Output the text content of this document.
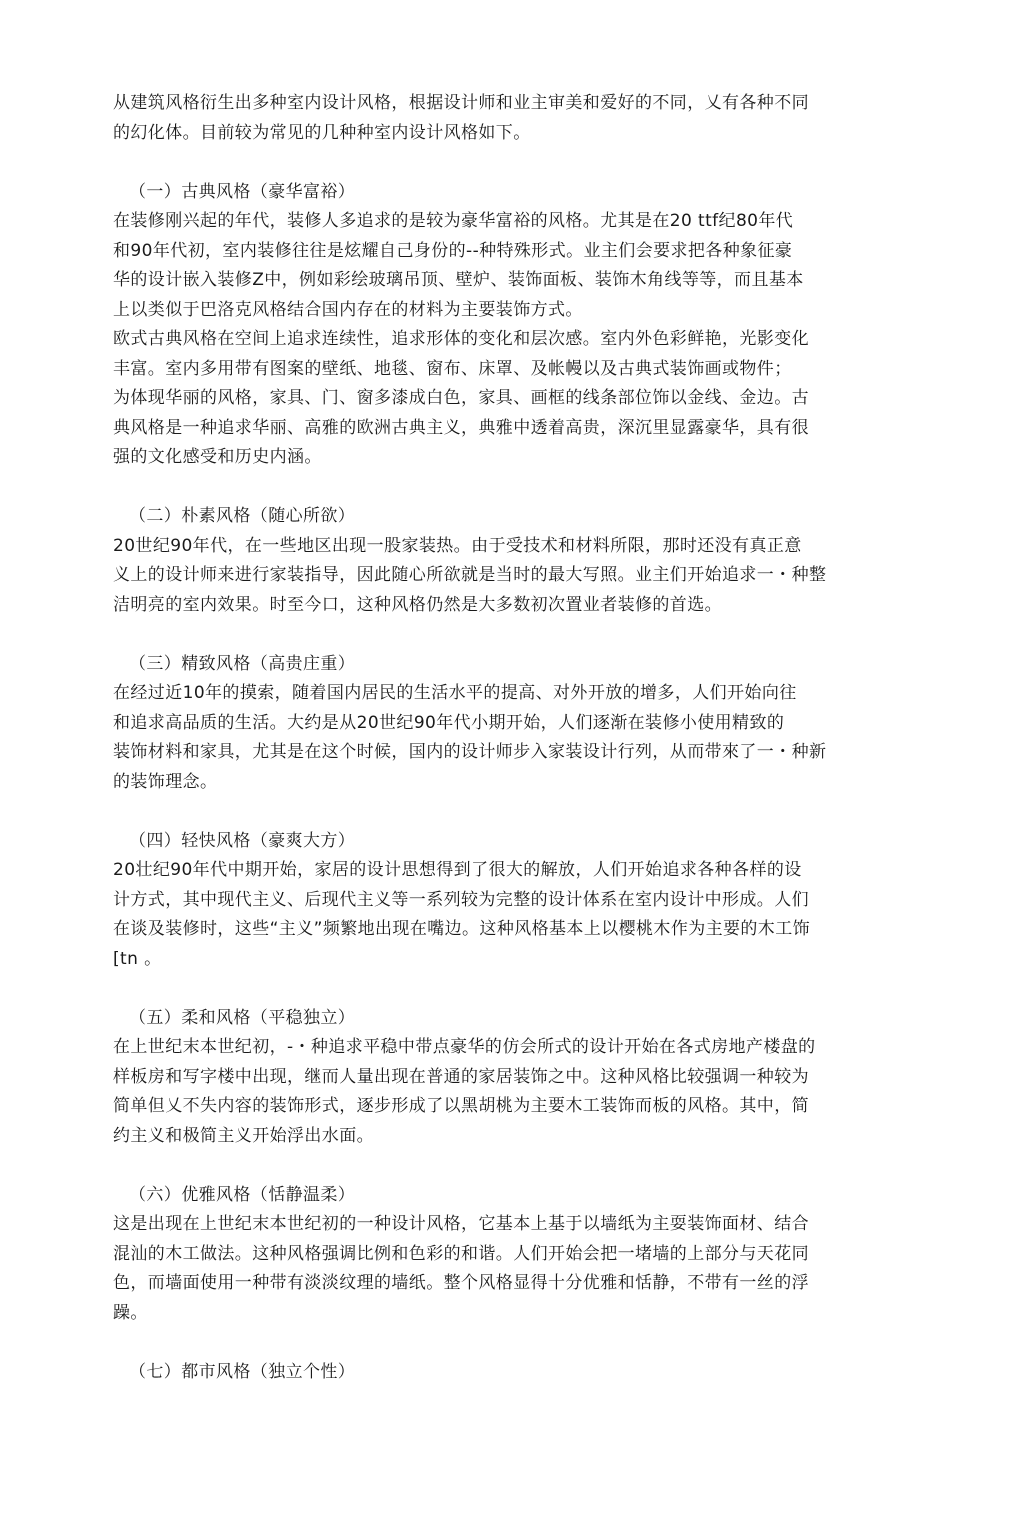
从建筑风格衍生出多种室内设计风格，根据设计师和业主审美和爱好的不同，乂有各种不同
的幻化体。目前较为常见的几种种室内设计风格如下。
（一）古典风格（豪华富裕）
在装修刚兴起的年代，装修人多追求的是较为豪华富裕的风格。尤其是在20 ttf纪80年代
和90年代初，室内装修往往是炫耀自己身份的--种特殊形式。业主们会要求把各种象征豪
华的设计嵌入装修Z中，例如彩绘玻璃吊顶、壁炉、装饰面板、装饰木角线等等，而且基本
上以类似于巴洛克风格结合国内存在的材料为主要装饰方式。
欧式古典风格在空间上追求连续性，追求形体的变化和层次感。室内外色彩鲜艳，光影变化
丰富。室内多用带有图案的壁纸、地毯、窗布、床罩、及帐幔以及古典式装饰画或物件；
为体现华丽的风格，家具、门、窗多漆成白色，家具、画框的线条部位饰以金线、金边。古
典风格是一种追求华丽、高雅的欧洲古典主义，典雅中透着高贵，深沉里显露豪华，具有很
强的文化感受和历史内涵。
（二）朴素风格（随心所欲）
20世纪90年代，在一些地区出现一股家装热。由于受技术和材料所限，那时还没有真正意
义上的设计师来进行家装指导，因此随心所欲就是当时的最大写照。业主们开始追求一・种整
洁明亮的室内效果。时至今口，这种风格仍然是大多数初次置业者装修的首选。
（三）精致风格（高贵庄重）
在经过近10年的摸索，随着国内居民的生活水平的提高、对外开放的增多，人们开始向往
和追求高品质的生活。大约是从20世纪90年代小期开始，人们逐渐在装修小使用精致的
装饰材料和家具，尤其是在这个时候，国内的设计师步入家装设计行列，从而带來了一・种新
的装饰理念。
（四）轻快风格（豪爽大方）
20壮纪90年代中期开始，家居的设计思想得到了很大的解放，人们开始追求各种各样的设
计方式，其中现代主义、后现代主义等一系列较为完整的设计体系在室内设计中形成。人们
在谈及装修时，这些“主义”频繁地出现在嘴边。这种风格基本上以樱桃木作为主要的木工饰
[tn 。
（五）柔和风格（平稳独立）
在上世纪末本世纪初，-・种追求平稳中带点豪华的仿会所式的设计开始在各式房地产楼盘的
样板房和写字楼中出现，继而人量出现在普通的家居装饰之中。这种风格比较强调一种较为
简单但乂不失内容的装饰形式，逐步形成了以黑胡桃为主要木工装饰而板的风格。其中，简
约主义和极简主义开始浮出水面。
（六）优雅风格（恬静温柔）
这是出现在上世纪末本世纪初的一种设计风格，它基本上基于以墙纸为主耍装饰面材、结合
混汕的木工做法。这种风格强调比例和色彩的和谐。人们开始会把一堵墙的上部分与天花同
色，而墙面使用一种带有淡淡纹理的墙纸。整个风格显得十分优雅和恬静，不带有一丝的浮
躁。
（七）都市风格（独立个性）
